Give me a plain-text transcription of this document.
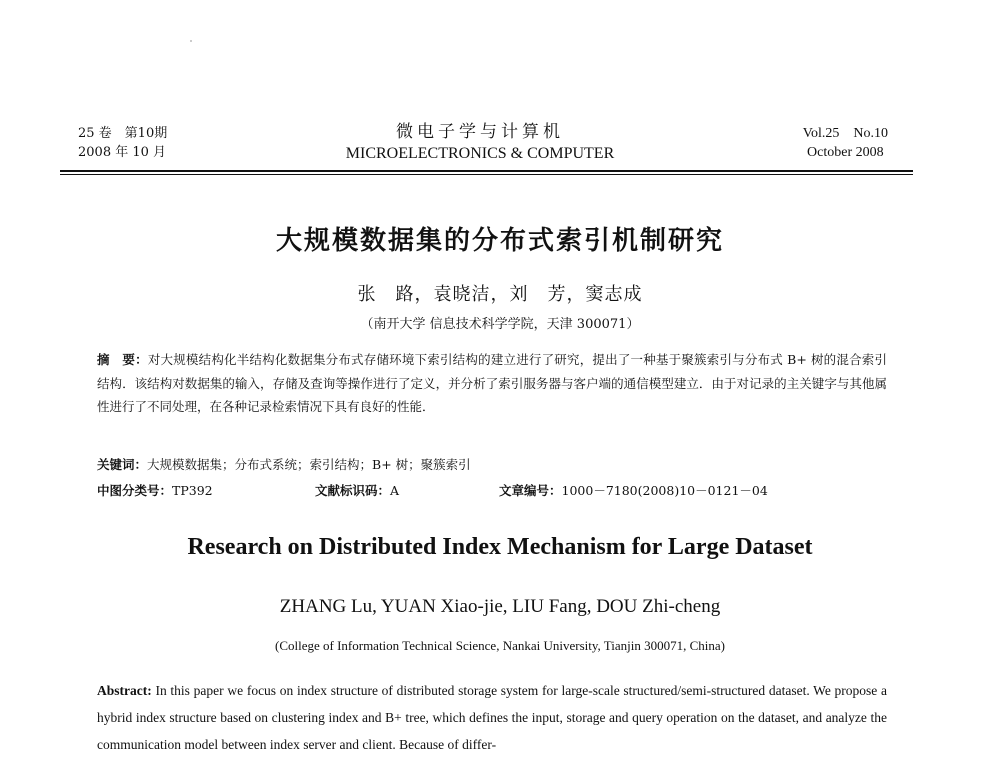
25 卷　第10期
2008 年 10 月
微电子学与计算机
MICROELECTRONICS & COMPUTER
Vol.25　No.10
October 2008
大规模数据集的分布式索引机制研究
张　路，袁晓洁，刘　芳，窦志成
（南开大学 信息技术科学学院，天津 300071）
摘　要：对大规模结构化半结构化数据集分布式存储环境下索引结构的建立进行了研究，提出了一种基于聚簇索引与分布式 B+ 树的混合索引结构．该结构对数据集的输入，存储及查询等操作进行了定义，并分析了索引服务器与客户端的通信模型建立．由于对记录的主关键字与其他属性进行了不同处理，在各种记录检索情况下具有良好的性能．
关键词：大规模数据集；分布式系统；索引结构；B+ 树；聚簇索引
中图分类号：TP392	文献标识码：A	文章编号：1000－7180(2008)10－0121－04
Research on Distributed Index Mechanism for Large Dataset
ZHANG Lu, YUAN Xiao-jie, LIU Fang, DOU Zhi-cheng
(College of Information Technical Science, Nankai University, Tianjin 300071, China)
Abstract: In this paper we focus on index structure of distributed storage system for large-scale structured/semi-structured dataset. We propose a hybrid index structure based on clustering index and B+ tree, which defines the input, storage and query operation on the dataset, and analyze the communication model between index server and client. Because of differ-
